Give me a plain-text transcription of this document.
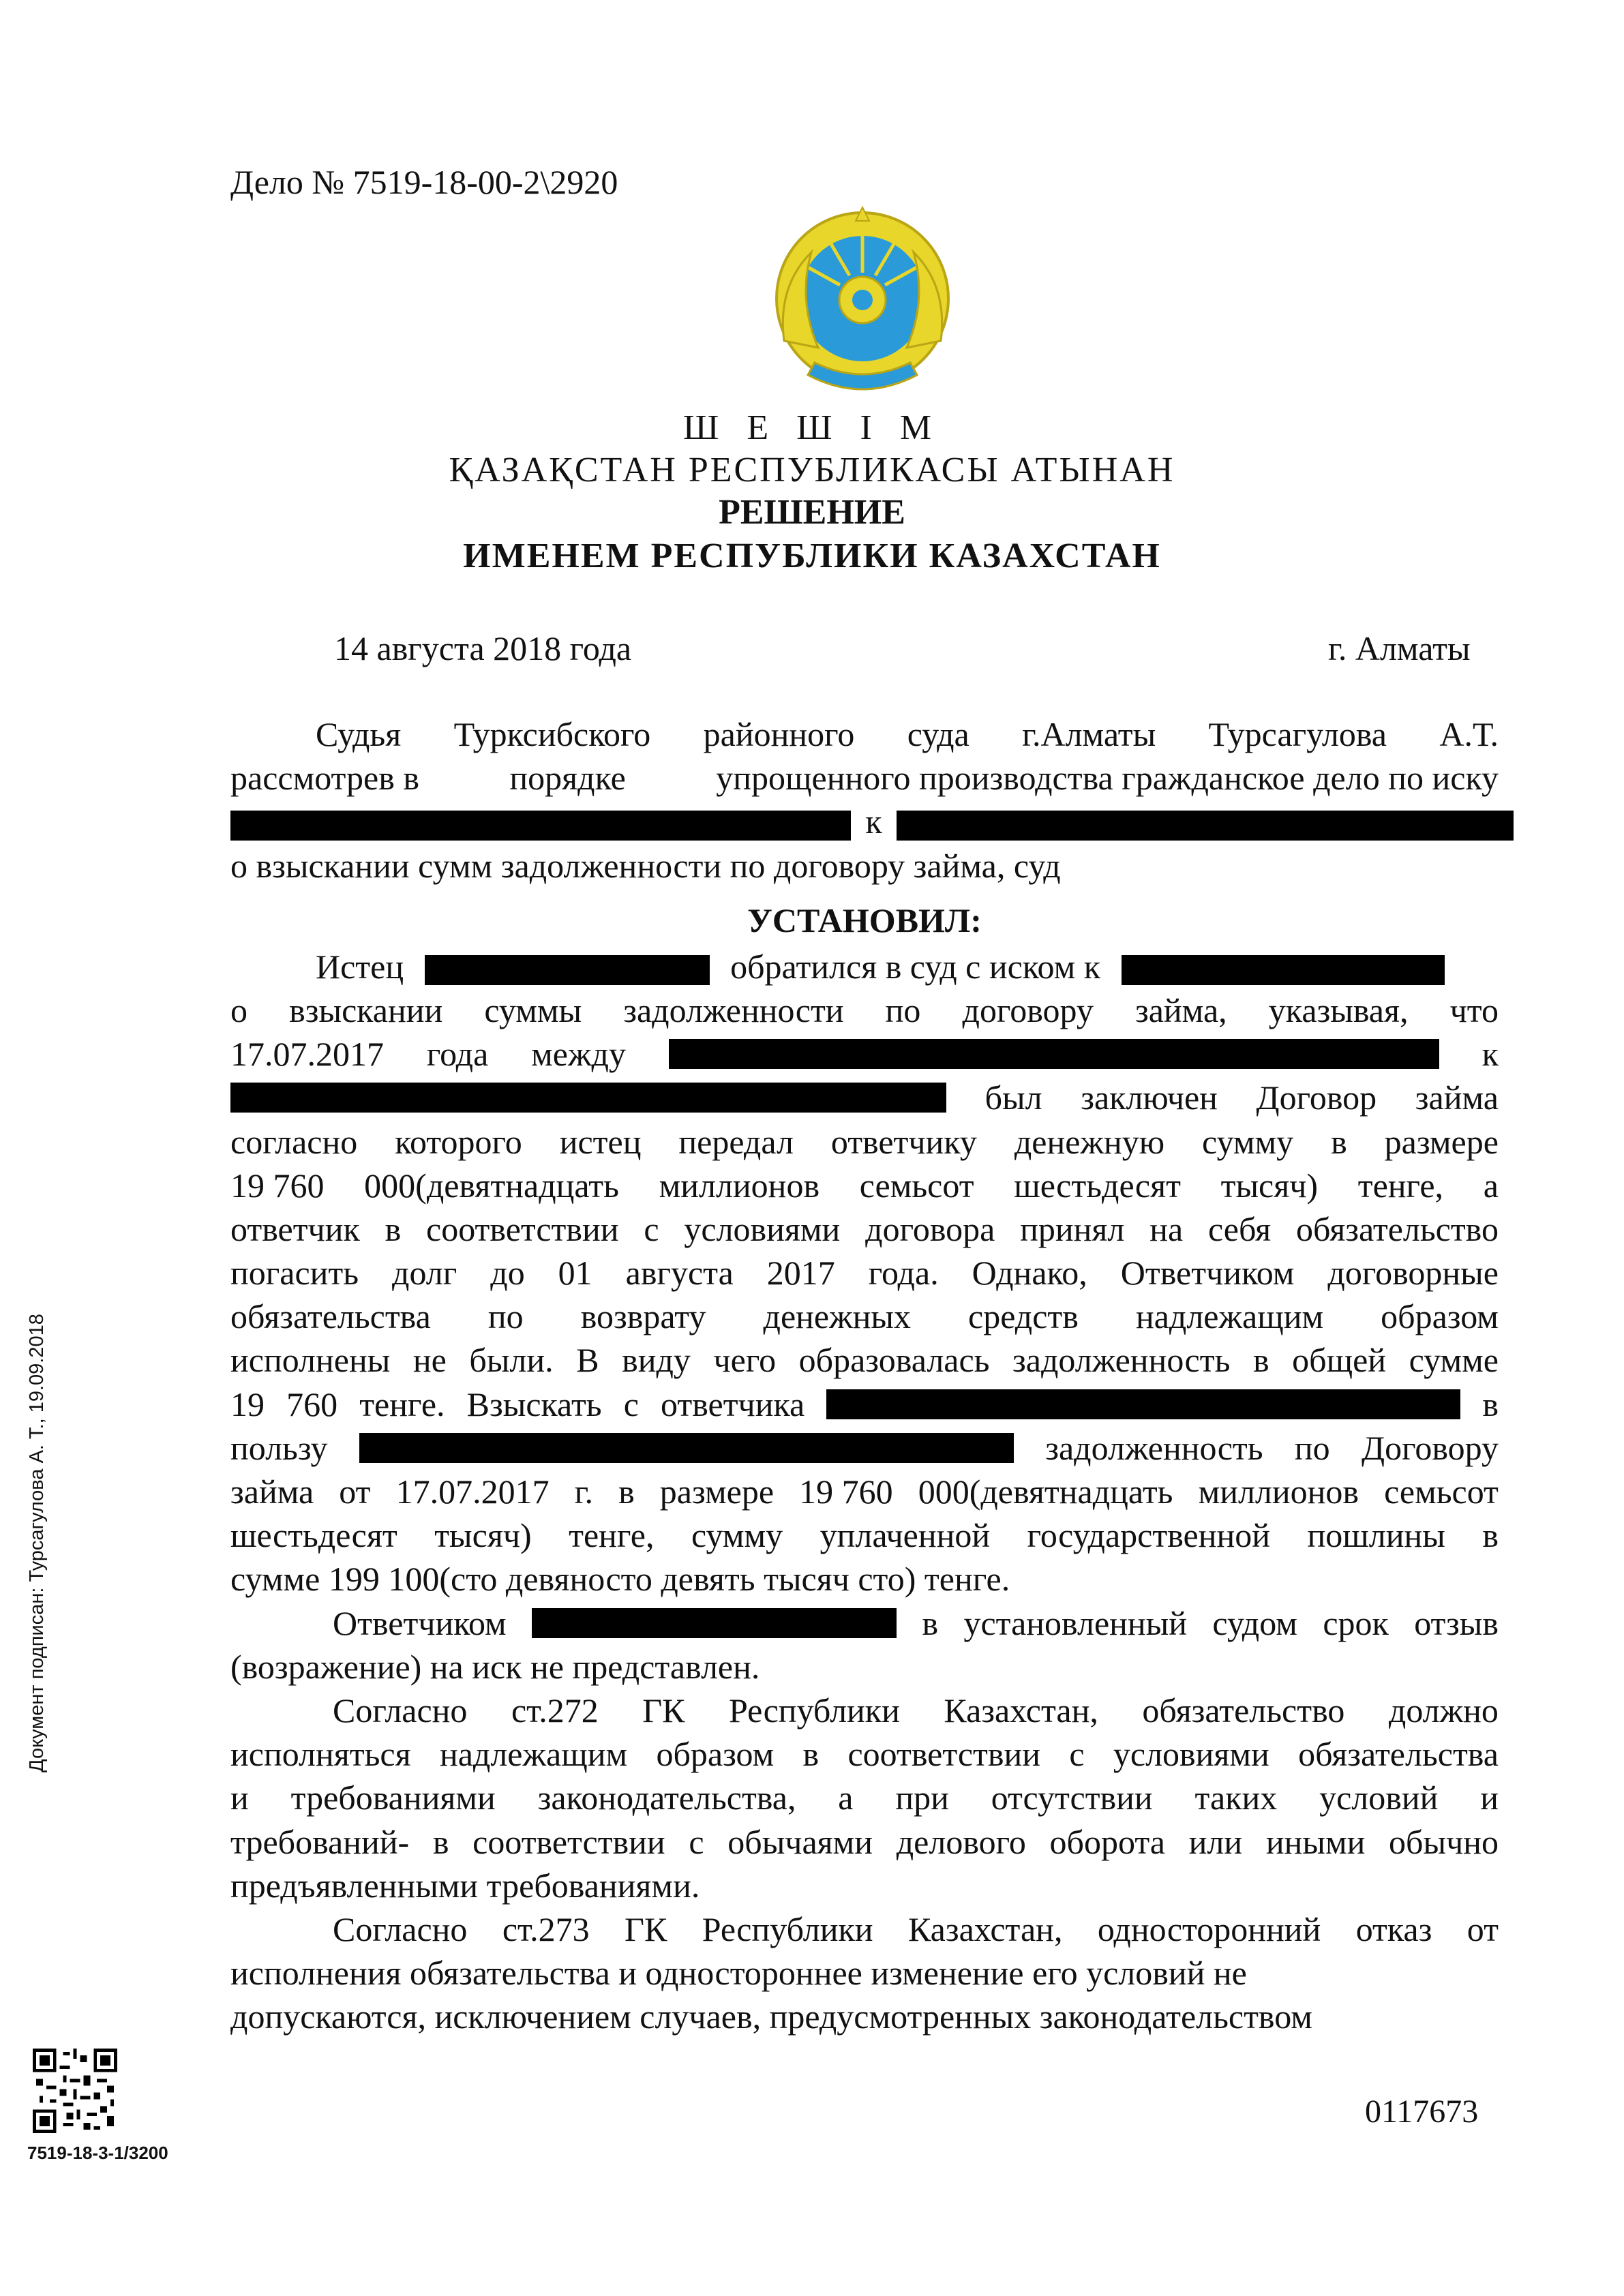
Дело № 7519-18-00-2\2920
Ш Е Ш І М
ҚАЗАҚСТАН РЕСПУБЛИКАСЫ АТЫНАН
РЕШЕНИЕ
ИМЕНЕМ РЕСПУБЛИКИ КАЗАХСТАН
14 августа 2018 года	г. Алматы
Судья Турксибского районного суда г.Алматы Турсагулова А.Т.
рассмотрев в	порядке	упрощенного производства гражданское дело по иску
к
о взыскании сумм задолженности по договору займа, суд
УСТАНОВИЛ:
Истец	обратился в суд с иском к
о взыскании суммы задолженности по договору займа, указывая, что
17.07.2017 года между	к
был заключен Договор займа
согласно которого истец передал ответчику денежную сумму в размере
19 760 000(девятнадцать миллионов семьсот шестьдесят тысяч) тенге, а
ответчик в соответствии с условиями договора принял на себя обязательство
погасить долг до 01 августа 2017 года. Однако, Ответчиком договорные
обязательства по возврату денежных средств надлежащим образом
исполнены не были. В виду чего образовалась задолженность в общей сумме
19 760 тенге. Взыскать с ответчика	в
пользу	задолженность по Договору
займа от 17.07.2017 г. в размере 19 760 000(девятнадцать миллионов семьсот
шестьдесят тысяч) тенге, сумму уплаченной государственной пошлины в
сумме 199 100(сто девяносто девять тысяч сто) тенге.
Ответчиком	в установленный судом срок отзыв
(возражение) на иск не представлен.
Согласно ст.272 ГК Республики Казахстан, обязательство должно
исполняться надлежащим образом в соответствии с условиями обязательства
и требованиями законодательства, а при отсутствии таких условий и
требований- в соответствии с обычаями делового оборота или иными обычно
предъявленными требованиями.
Согласно ст.273 ГК Республики Казахстан, односторонний отказ от
исполнения обязательства и одностороннее изменение его условий не
допускаются, исключением случаев, предусмотренных законодательством
0117673
Документ подписан: Турсагулова А. Т., 19.09.2018
7519-18-3-1/3200
